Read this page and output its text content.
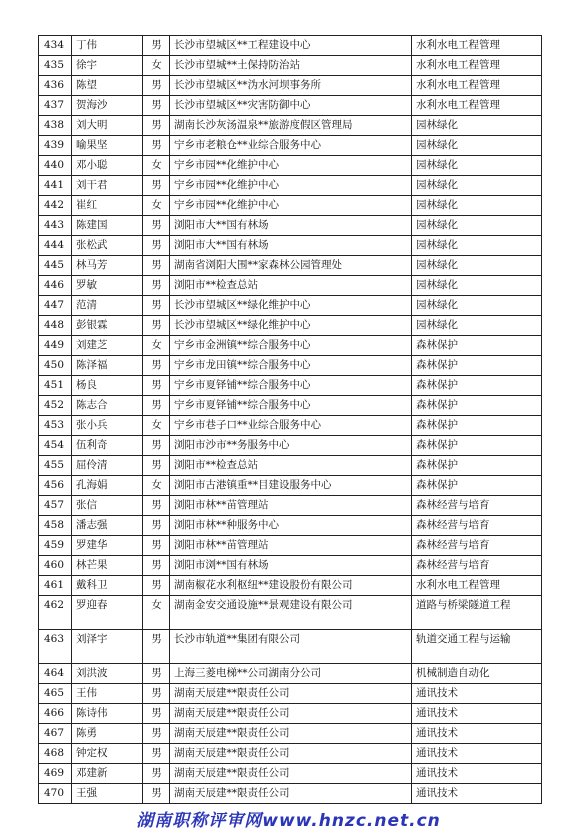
434	丁伟	男	长沙市望城区**工程建设中心	水利水电工程管理
435	徐宇	女	长沙市望城**土保持防治站	水利水电工程管理
436	陈望	男	长沙市望城区**沩水河坝事务所	水利水电工程管理
437	贺海沙	男	长沙市望城区**灾害防御中心	水利水电工程管理
438	刘大明	男	湖南长沙灰汤温泉**旅游度假区管理局	园林绿化
439	喻果坚	男	宁乡市老粮仓**业综合服务中心	园林绿化
440	邓小聪	女	宁乡市园**化维护中心	园林绿化
441	刘干君	男	宁乡市园**化维护中心	园林绿化
442	崔红	女	宁乡市园**化维护中心	园林绿化
443	陈建国	男	浏阳市大**国有林场	园林绿化
444	张松武	男	浏阳市大**国有林场	园林绿化
445	林马芳	男	湖南省浏阳大围**家森林公园管理处	园林绿化
446	罗敏	男	浏阳市**检查总站	园林绿化
447	范清	男	长沙市望城区**绿化维护中心	园林绿化
448	彭银霖	男	长沙市望城区**绿化维护中心	园林绿化
449	刘建芝	女	宁乡市金洲镇**综合服务中心	森林保护
450	陈泽福	男	宁乡市龙田镇**综合服务中心	森林保护
451	杨良	男	宁乡市夏铎铺**综合服务中心	森林保护
452	陈志合	男	宁乡市夏铎铺**综合服务中心	森林保护
453	张小兵	女	宁乡市巷子口**业综合服务中心	森林保护
454	伍利奇	男	浏阳市沙市**务服务中心	森林保护
455	屈伶清	男	浏阳市**检查总站	森林保护
456	孔海娟	女	浏阳市古港镇重**目建设服务中心	森林保护
457	张信	男	浏阳市林**苗管理站	森林经营与培育
458	潘志强	男	浏阳市林**种服务中心	森林经营与培育
459	罗建华	男	浏阳市林**苗管理站	森林经营与培育
460	林芒果	男	浏阳市浏**国有林场	森林经营与培育
461	戴科卫	男	湖南椒花水利枢纽**建设股份有限公司	水利水电工程管理
462	罗迎春	女	湖南金安交通设施**景观建设有限公司	道路与桥梁隧道工程
463	刘泽宇	男	长沙市轨道**集团有限公司	轨道交通工程与运输
464	刘洪波	男	上海三菱电梯**公司湖南分公司	机械制造自动化
465	王伟	男	湖南天辰建**限责任公司	通讯技术
466	陈诗伟	男	湖南天辰建**限责任公司	通讯技术
467	陈勇	男	湖南天辰建**限责任公司	通讯技术
468	钟定权	男	湖南天辰建**限责任公司	通讯技术
469	邓建新	男	湖南天辰建**限责任公司	通讯技术
470	王强	男	湖南天辰建**限责任公司	通讯技术
湖南职称评审网www.hnzc.net.cn
